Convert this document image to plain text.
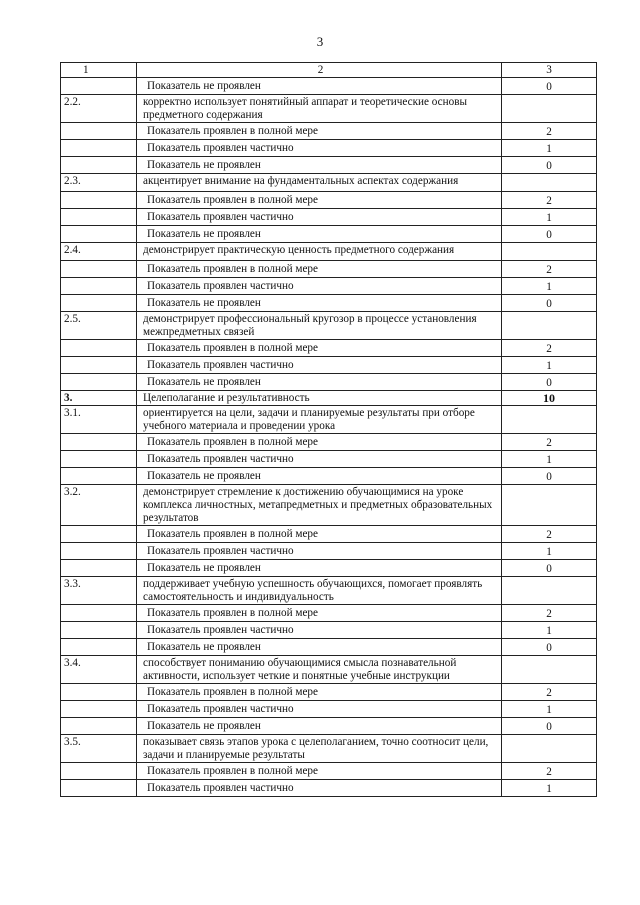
3
1	2	3
	Показатель не проявлен	0
2.2.	корректно использует понятийный аппарат и теоретические основы предметного содержания	
	Показатель проявлен в полной мере	2
	Показатель проявлен частично	1
	Показатель не проявлен	0
2.3.	акцентирует внимание на фундаментальных аспектах содержания	
	Показатель проявлен в полной мере	2
	Показатель проявлен частично	1
	Показатель не проявлен	0
2.4.	демонстрирует практическую ценность предметного содержания	
	Показатель проявлен в полной мере	2
	Показатель проявлен частично	1
	Показатель не проявлен	0
2.5.	демонстрирует профессиональный кругозор в процессе установления межпредметных связей	
	Показатель проявлен в полной мере	2
	Показатель проявлен частично	1
	Показатель не проявлен	0
3.	Целеполагание и результативность	10
3.1.	ориентируется на цели, задачи и планируемые результаты при отборе учебного материала и проведении урока	
	Показатель проявлен в полной мере	2
	Показатель проявлен частично	1
	Показатель не проявлен	0
3.2.	демонстрирует стремление к достижению обучающимися на уроке комплекса личностных, метапредметных и предметных образовательных результатов	
	Показатель проявлен в полной мере	2
	Показатель проявлен частично	1
	Показатель не проявлен	0
3.3.	поддерживает учебную успешность обучающихся, помогает проявлять самостоятельность и индивидуальность	
	Показатель проявлен в полной мере	2
	Показатель проявлен частично	1
	Показатель не проявлен	0
3.4.	способствует пониманию обучающимися смысла познавательной активности, использует четкие и понятные учебные инструкции	
	Показатель проявлен в полной мере	2
	Показатель проявлен частично	1
	Показатель не проявлен	0
3.5.	показывает связь этапов урока с целеполаганием, точно соотносит цели, задачи и планируемые результаты	
	Показатель проявлен в полной мере	2
	Показатель проявлен частично	1
